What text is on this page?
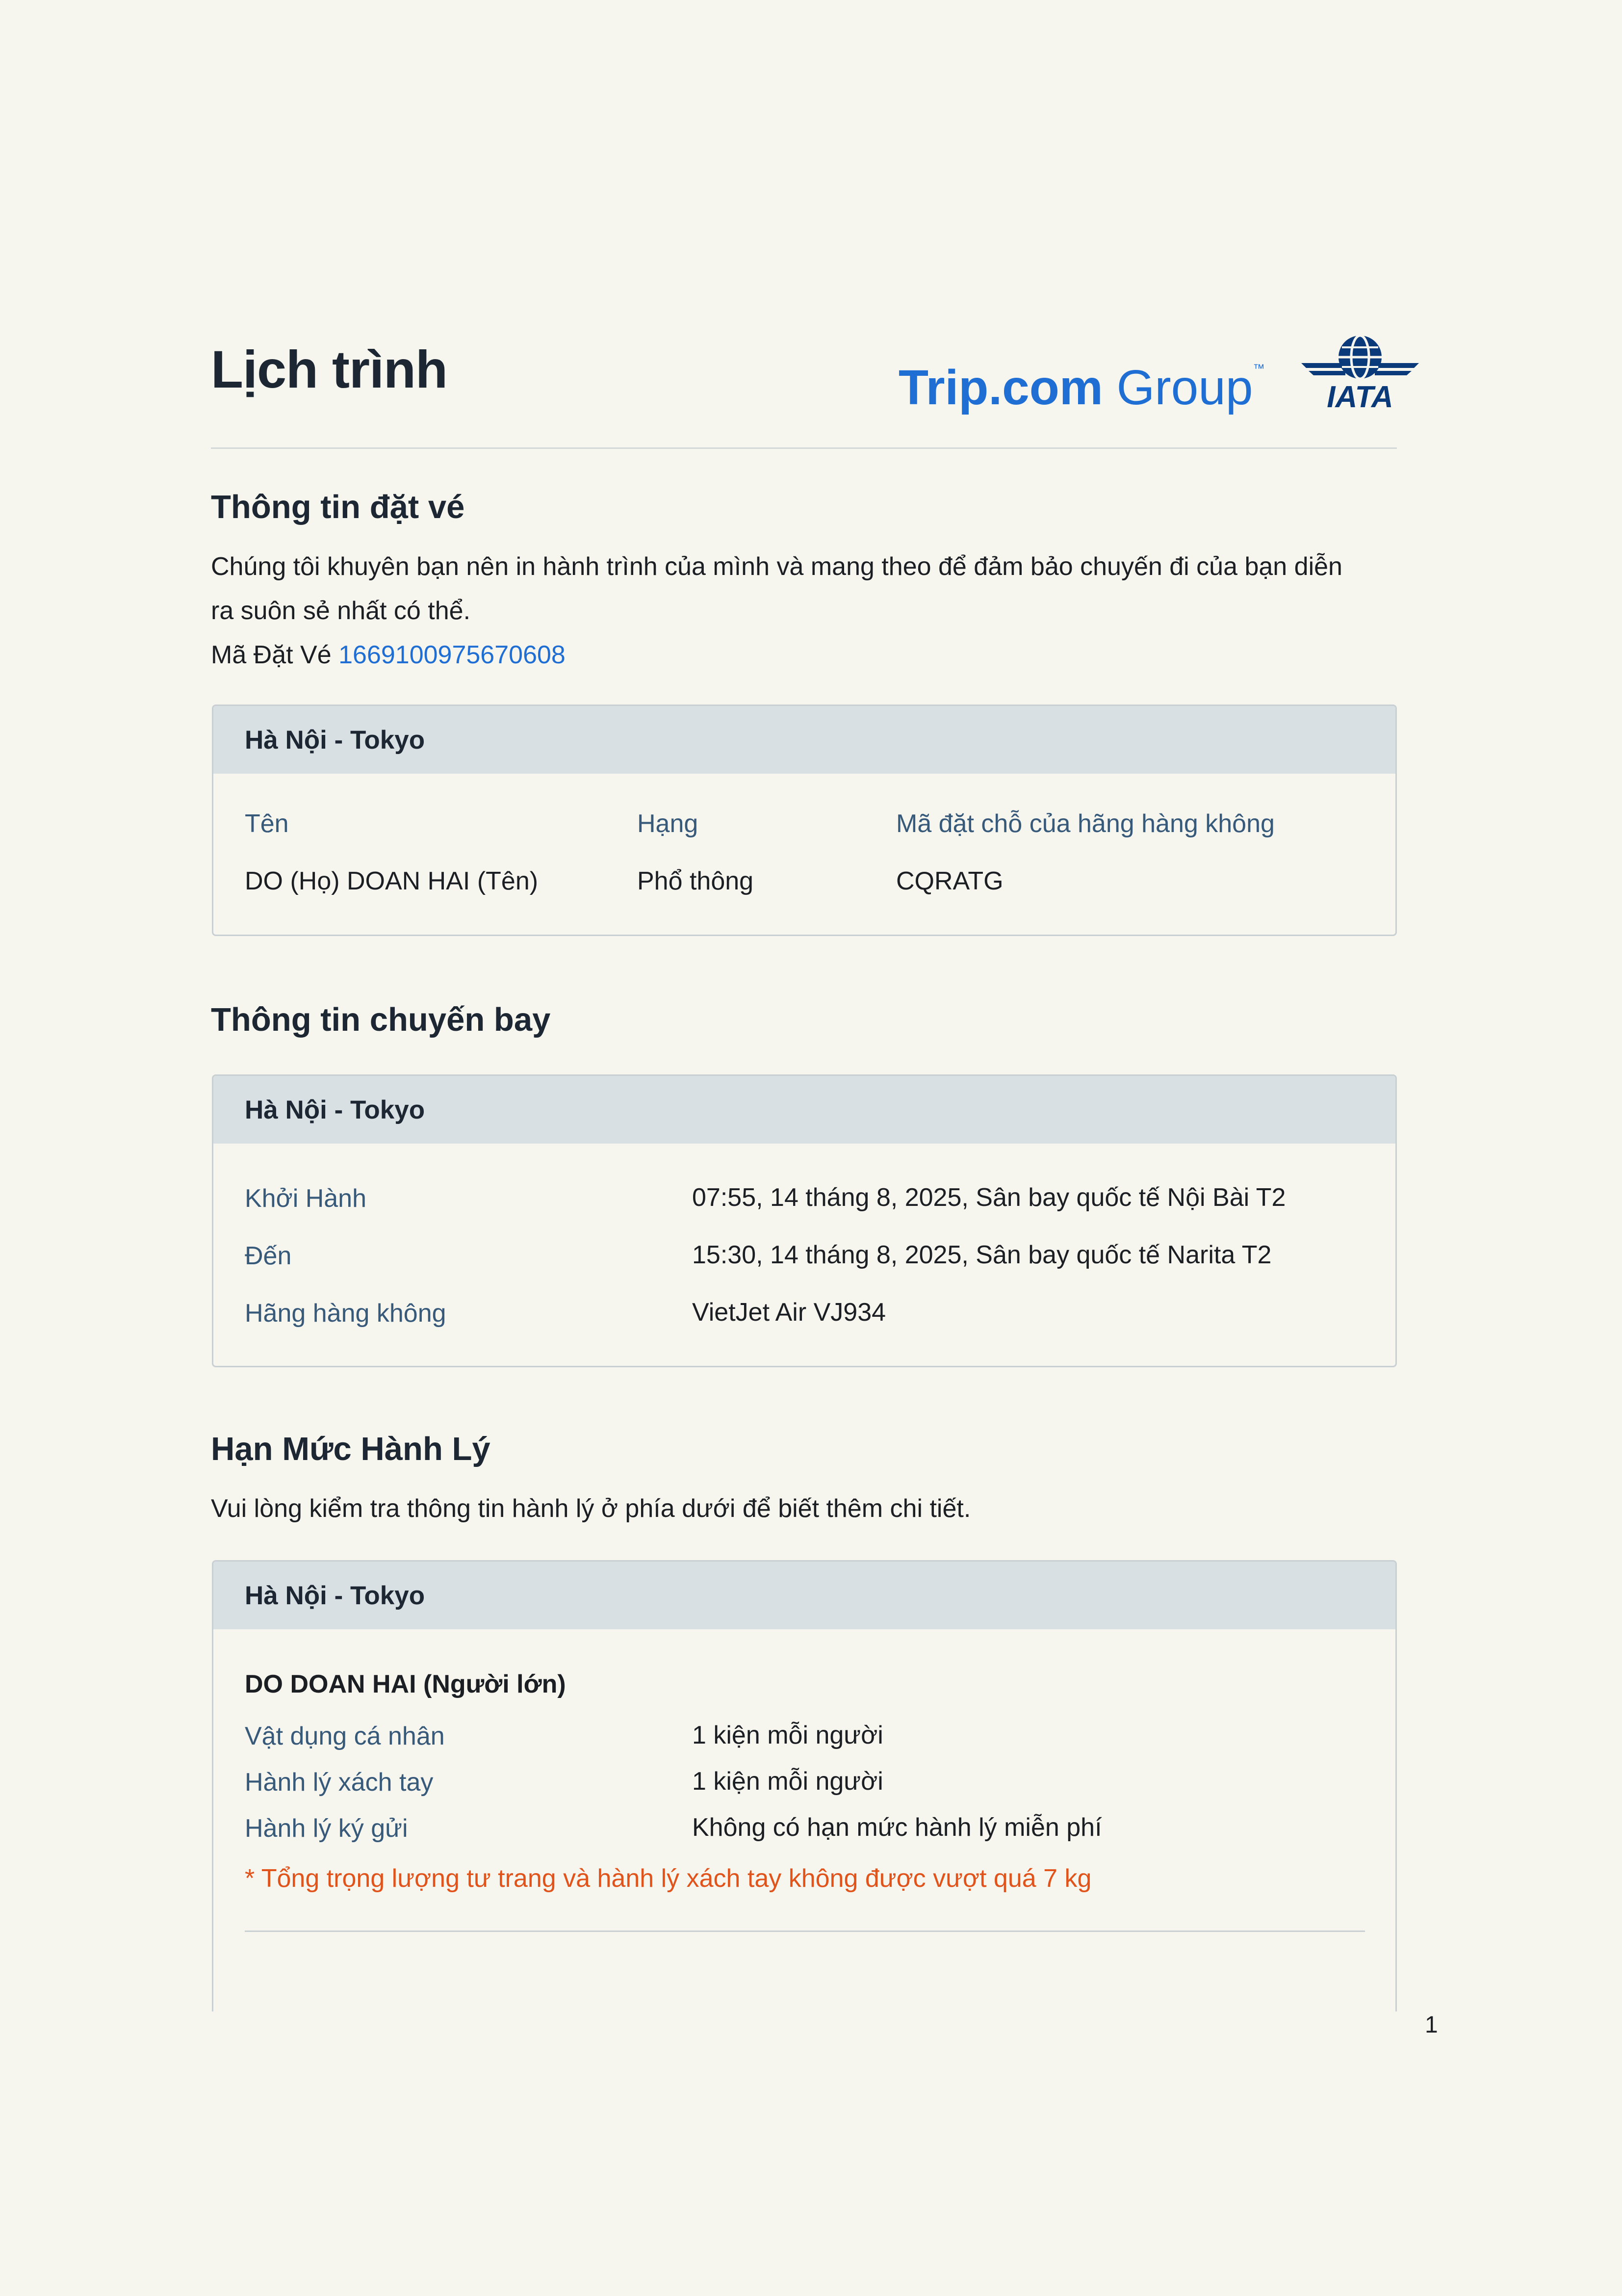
Lịch trình	Trip.com Group™
IATA
Thông tin đặt vé
Chúng tôi khuyên bạn nên in hành trình của mình và mang theo để đảm bảo chuyến đi của bạn diễn
ra suôn sẻ nhất có thể.
Mã Đặt Vé 1669100975670608
Hà Nội - Tokyo
Tên	Hạng	Mã đặt chỗ của hãng hàng không
DO (Họ) DOAN HAI (Tên)	Phổ thông	CQRATG
Thông tin chuyến bay
Hà Nội - Tokyo
Khởi Hành	07:55, 14 tháng 8, 2025, Sân bay quốc tế Nội Bài T2
Đến	15:30, 14 tháng 8, 2025, Sân bay quốc tế Narita T2
Hãng hàng không	VietJet Air VJ934
Hạn Mức Hành Lý
Vui lòng kiểm tra thông tin hành lý ở phía dưới để biết thêm chi tiết.
Hà Nội - Tokyo
DO DOAN HAI (Người lớn)
Vật dụng cá nhân	1 kiện mỗi người
Hành lý xách tay	1 kiện mỗi người
Hành lý ký gửi	Không có hạn mức hành lý miễn phí
* Tổng trọng lượng tư trang và hành lý xách tay không được vượt quá 7 kg
1
